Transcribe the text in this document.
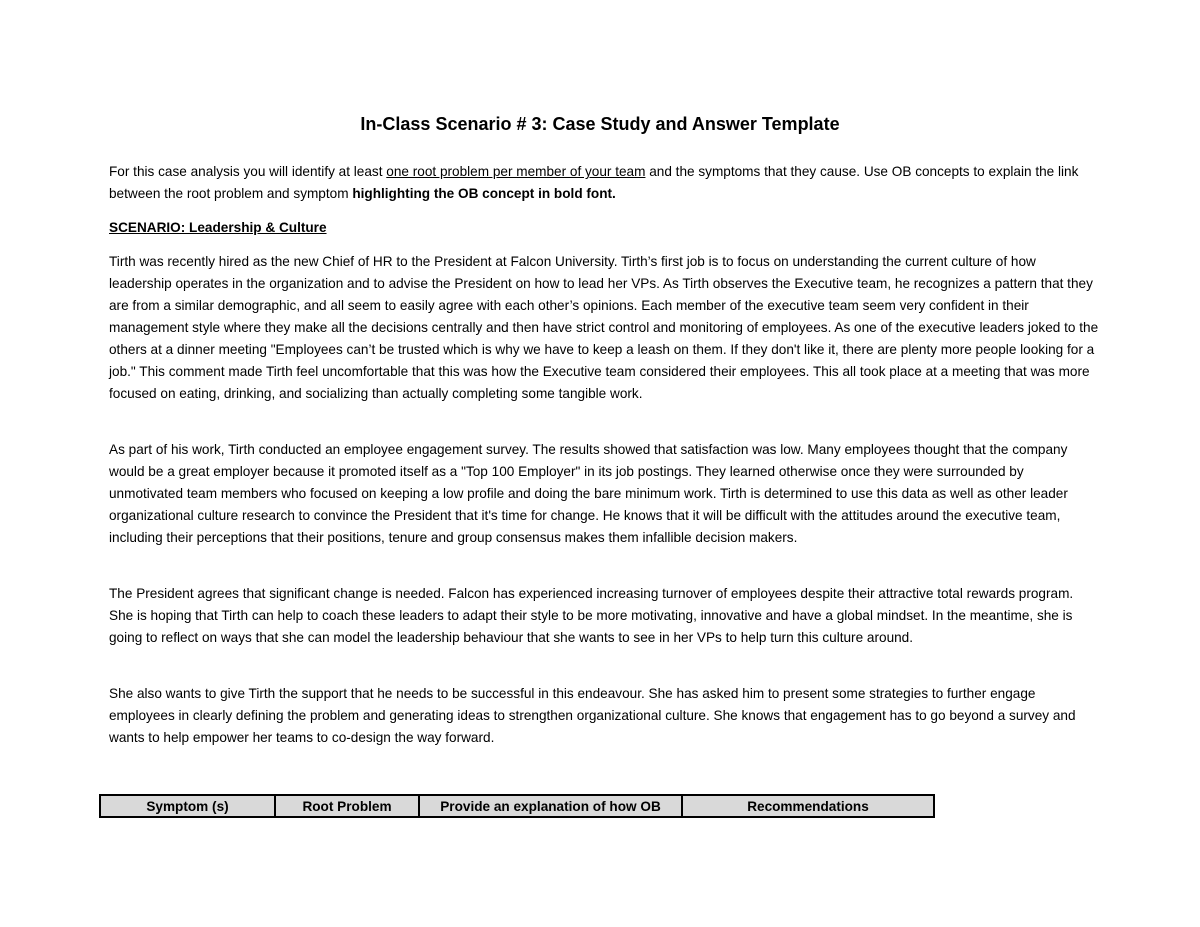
In-Class Scenario # 3: Case Study and Answer Template

For this case analysis you will identify at least one root problem per member of your team and the symptoms that they cause. Use OB concepts to explain the link between the root problem and symptom highlighting the OB concept in bold font.

SCENARIO: Leadership & Culture

Tirth was recently hired as the new Chief of HR to the President at Falcon University. Tirth’s first job is to focus on understanding the current culture of how leadership operates in the organization and to advise the President on how to lead her VPs. As Tirth observes the Executive team, he recognizes a pattern that they are from a similar demographic, and all seem to easily agree with each other’s opinions. Each member of the executive team seem very confident in their management style where they make all the decisions centrally and then have strict control and monitoring of employees. As one of the executive leaders joked to the others at a dinner meeting "Employees can’t be trusted which is why we have to keep a leash on them. If they don't like it, there are plenty more people looking for a job." This comment made Tirth feel uncomfortable that this was how the Executive team considered their employees. This all took place at a meeting that was more focused on eating, drinking, and socializing than actually completing some tangible work.

As part of his work, Tirth conducted an employee engagement survey. The results showed that satisfaction was low. Many employees thought that the company would be a great employer because it promoted itself as a "Top 100 Employer" in its job postings. They learned otherwise once they were surrounded by unmotivated team members who focused on keeping a low profile and doing the bare minimum work. Tirth is determined to use this data as well as other leader organizational culture research to convince the President that it's time for change. He knows that it will be difficult with the attitudes around the executive team, including their perceptions that their positions, tenure and group consensus makes them infallible decision makers.

The President agrees that significant change is needed. Falcon has experienced increasing turnover of employees despite their attractive total rewards program. She is hoping that Tirth can help to coach these leaders to adapt their style to be more motivating, innovative and have a global mindset. In the meantime, she is going to reflect on ways that she can model the leadership behaviour that she wants to see in her VPs to help turn this culture around.

She also wants to give Tirth the support that he needs to be successful in this endeavour. She has asked him to present some strategies to further engage employees in clearly defining the problem and generating ideas to strengthen organizational culture. She knows that engagement has to go beyond a survey and wants to help empower her teams to co-design the way forward.

Symptom (s)	Root Problem	Provide an explanation of how OB	Recommendations
